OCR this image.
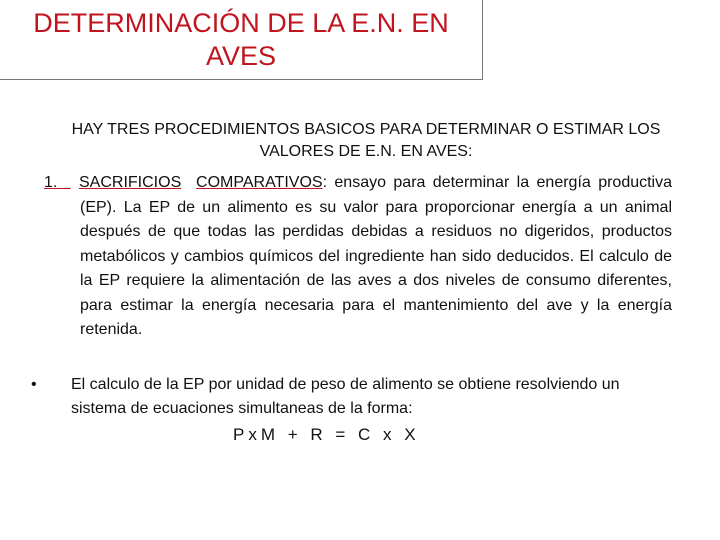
DETERMINACIÓN DE LA E.N. EN
AVES
HAY TRES PROCEDIMIENTOS BASICOS PARA DETERMINAR O ESTIMAR LOS VALORES DE E.N. EN AVES:
1.	SACRIFICIOS COMPARATIVOS: ensayo para determinar la energía productiva (EP). La EP de un alimento es su valor para proporcionar energía a un animal después de que todas las perdidas debidas a residuos no digeridos, productos metabólicos y cambios químicos del ingrediente han sido deducidos. El calculo de la EP requiere la alimentación de las aves a dos niveles de consumo diferentes, para estimar la energía necesaria para el mantenimiento del ave y la energía retenida.
•	El calculo de la EP por unidad de peso de alimento se obtiene resolviendo un sistema de ecuaciones simultaneas de la forma:
PxM + R = C x X
